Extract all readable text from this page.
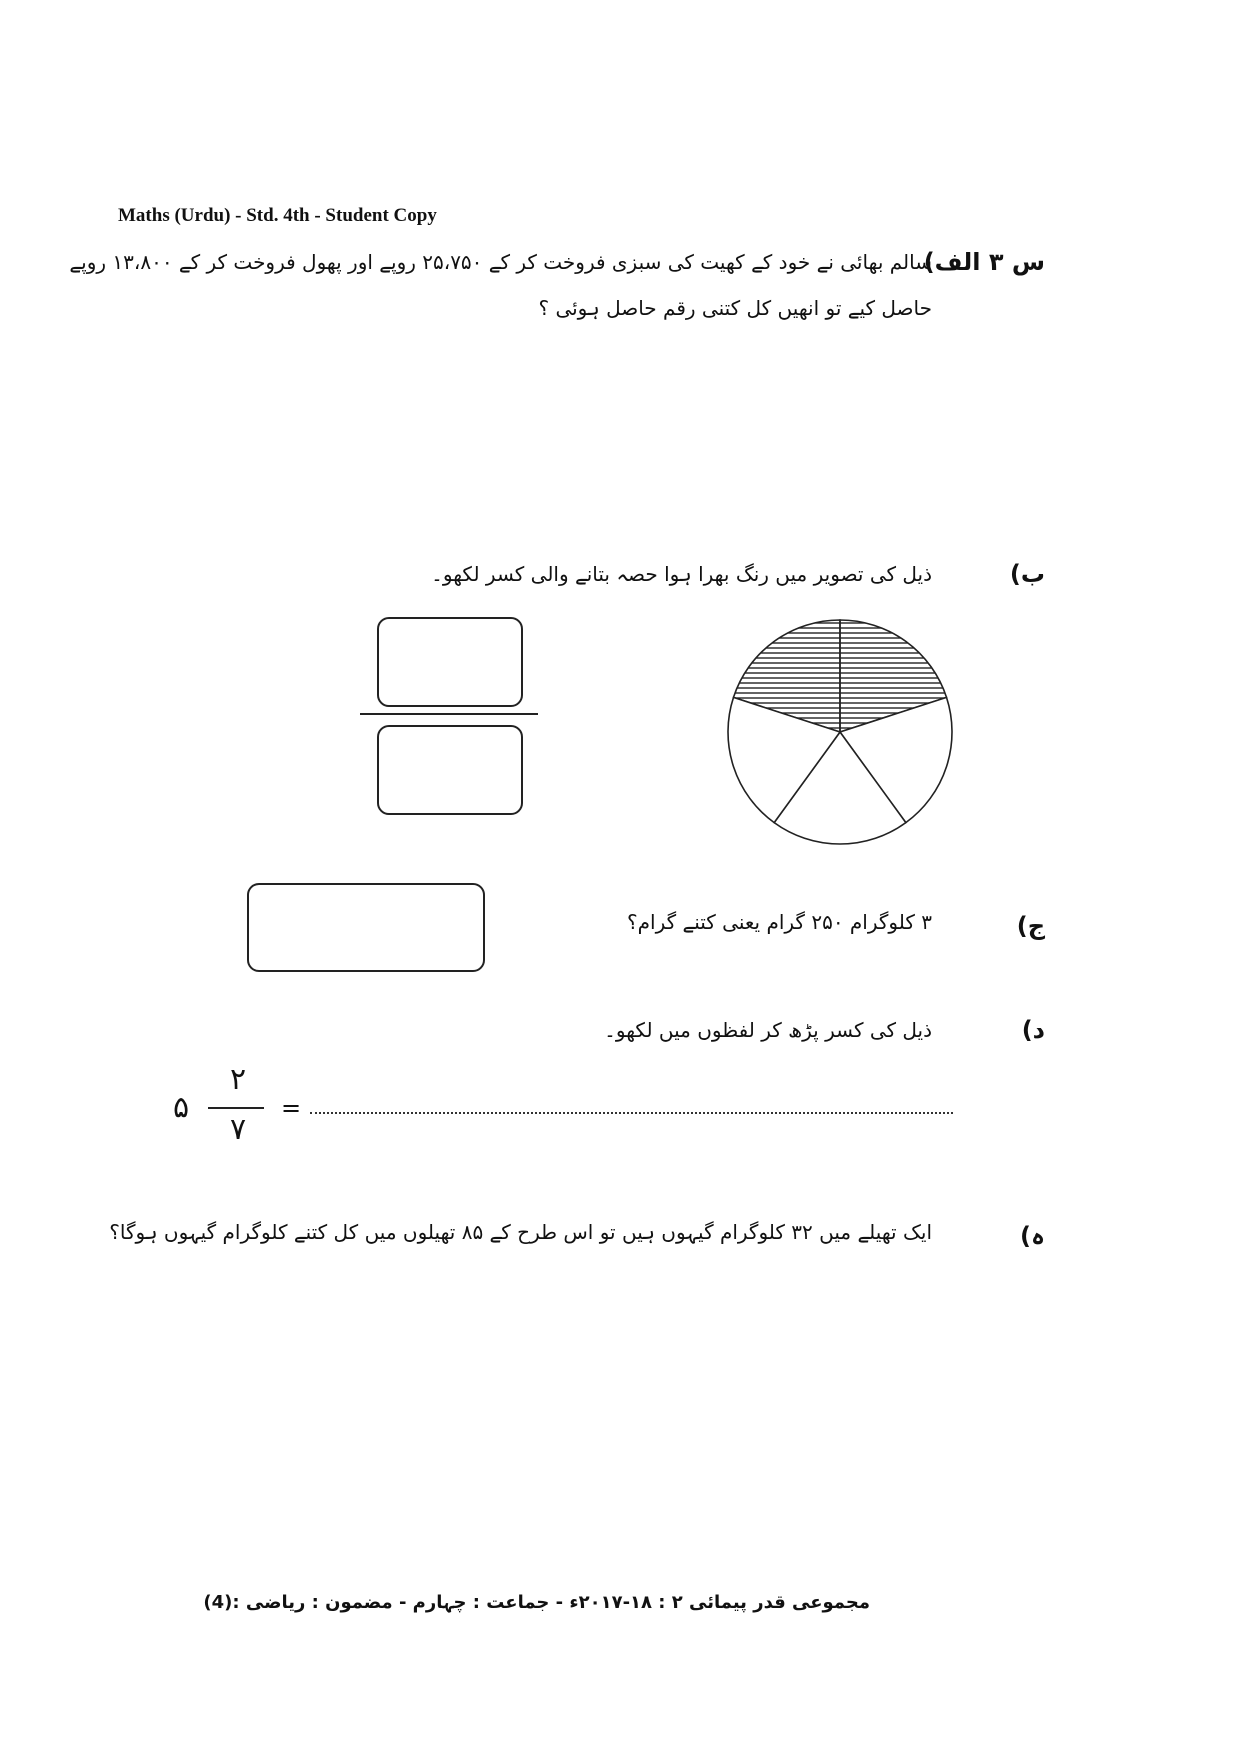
Maths (Urdu) - Std. 4th - Student Copy
س ۳ الف)
سالم بھائی نے خود کے کھیت کی سبزی فروخت کر کے ۲۵،۷۵۰ روپے اور پھول فروخت کر کے ۱۳،۸۰۰ روپے
حاصل کیے تو انھیں کل کتنی رقم حاصل ہوئی ؟
ب)
ذیل کی تصویر میں رنگ بھرا ہوا حصہ بتانے والی کسر لکھو۔
ج)
۳ کلوگرام ۲۵۰ گرام یعنی کتنے گرام؟
د)
ذیل کی کسر پڑھ کر لفظوں میں لکھو۔
۵
۲
۷
=
ہ)
ایک تھیلے میں ۳۲ کلوگرام گیہوں ہیں تو اس طرح کے ۸۵ تھیلوں میں کل کتنے کلوگرام گیہوں ہوگا؟
مجموعی قدر پیمائی ۲ : ۱۸-۲۰۱۷ء - جماعت : چہارم - مضمون : ریاضی :(4)
